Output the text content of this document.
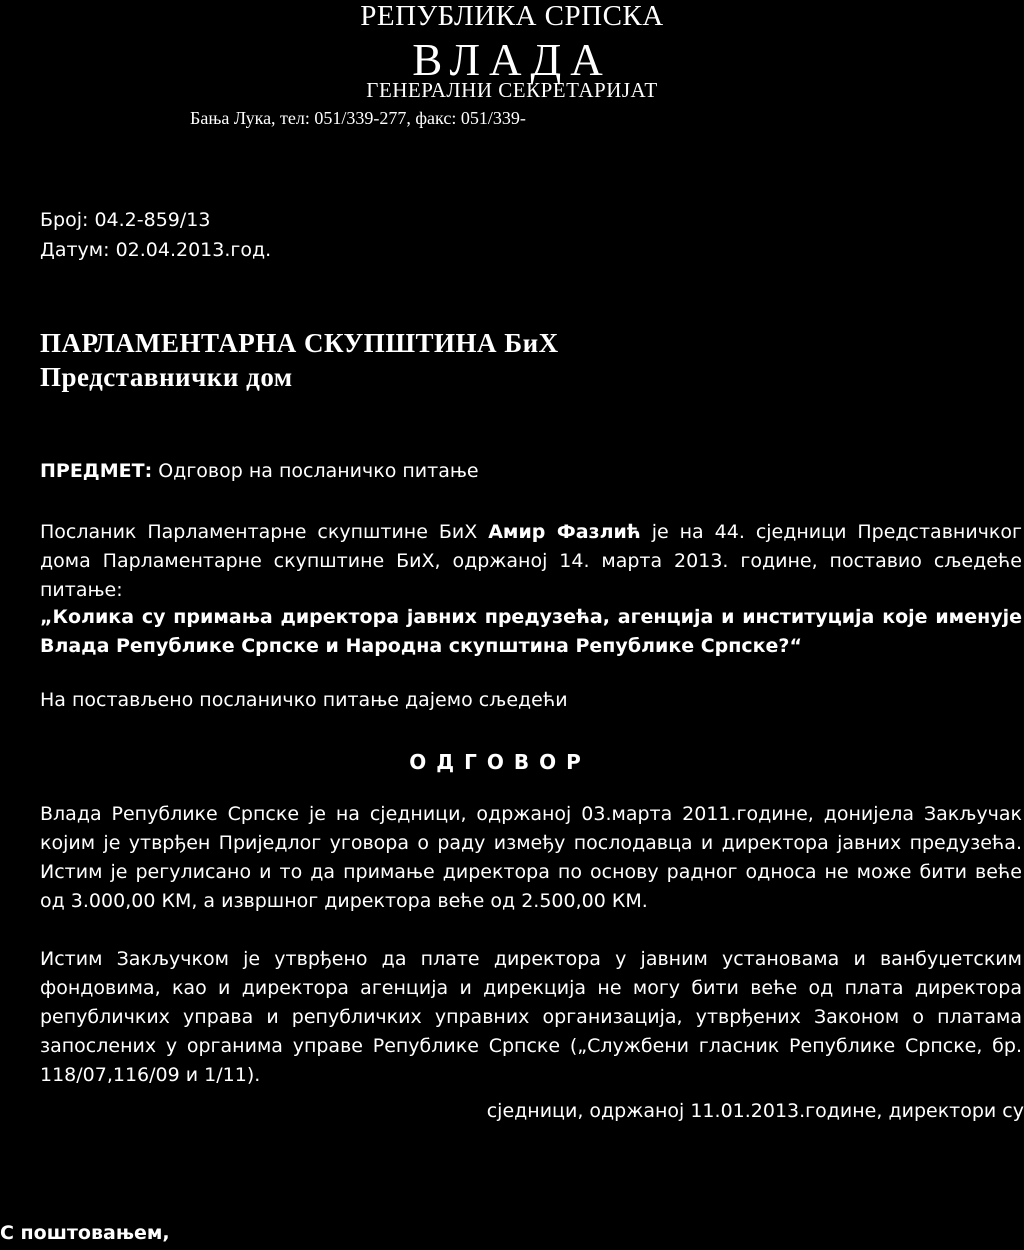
РЕПУБЛИКА СРПСКА
ВЛАДА
ГЕНЕРАЛНИ СЕКРЕТАРИЈАТ
Бања Лука, тел: 051/339-277, факс: 051/339-
Број: 04.2-859/13
Датум: 02.04.2013.год.
ПАРЛАМЕНТАРНА СКУПШТИНА БиХ
Представнички дом
ПРЕДМЕТ: Одговор на посланичко питање
Посланик Парламентарне скупштине БиХ Амир Фазлић је на 44. сједници Представничког дома Парламентарне скупштине БиХ, одржаној 14. марта 2013. године, поставио сљедеће питање:
„Колика су примања директора јавних предузећа, агенција и институција које именује Влада Републике Српске и Народна скупштина Републике Српске?“
На постављено посланичко питање дајемо сљедећи
ОДГОВОР
Влада Републике Српске је на сједници, одржаној 03.марта 2011.године, донијела Закључак којим је утврђен Приједлог уговора о раду између послодавца и директора јавних предузећа. Истим је регулисано и то да примање директора по основу радног односа не може бити веће од 3.000,00 КМ, а извршног директора веће од 2.500,00 КМ.
Истим Закључком је утврђено да плате директора у јавним установама и ванбуџетским фондовима, као и директора агенција и дирекција не могу бити веће од плата директора републичких управа и републичких управних организација, утврђених Законом о платама запослених у органима управе Републике Српске („Службени гласник Републике Српске, бр. 118/07,116/09 и 1/11).
сједници, одржаној 11.01.2013.године, директори су
С поштовањем,
